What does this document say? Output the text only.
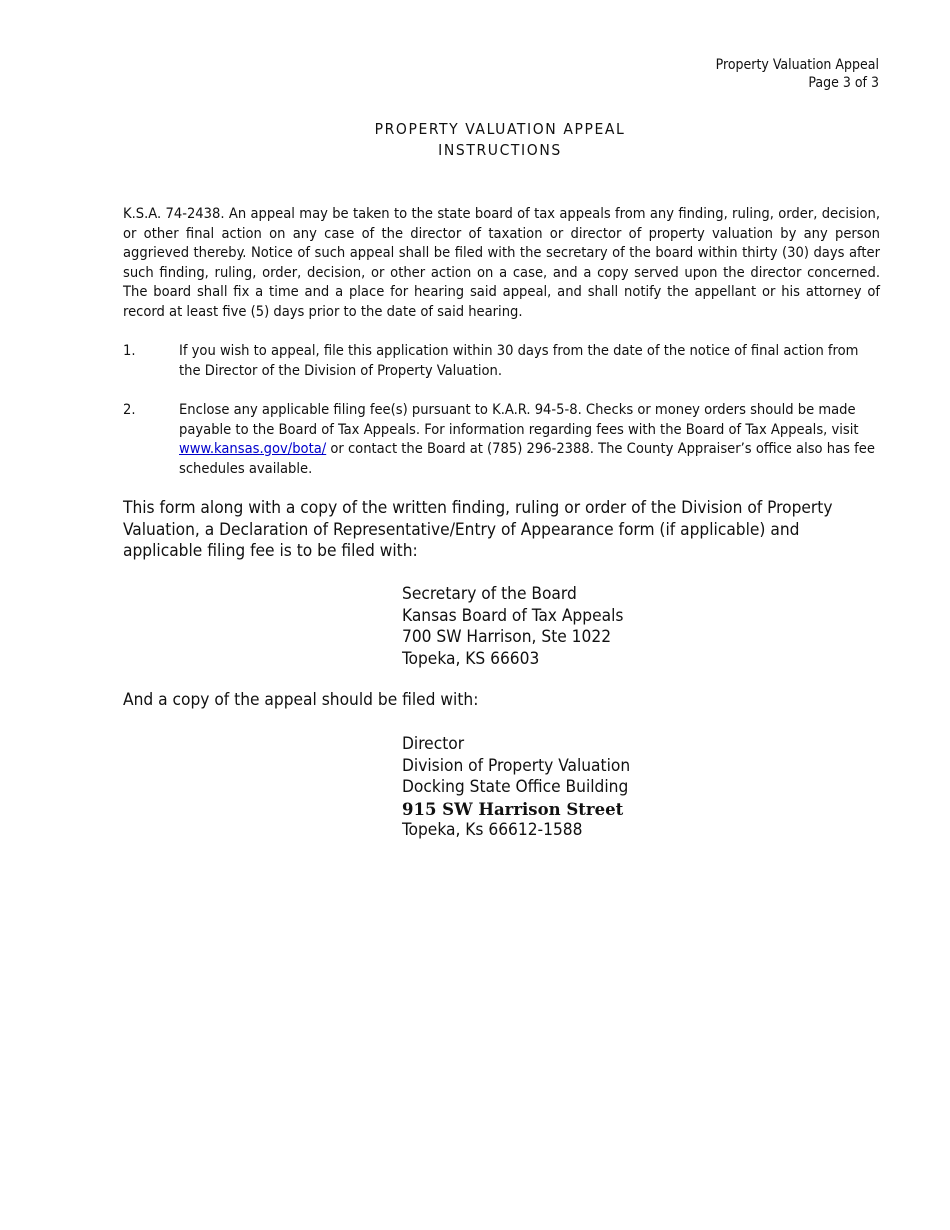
Property Valuation Appeal
Page 3 of 3
PROPERTY VALUATION APPEAL
INSTRUCTIONS
K.S.A. 74-2438. An appeal may be taken to the state board of tax appeals from any finding, ruling, order, decision, or other final action on any case of the director of taxation or director of property valuation by any person aggrieved thereby. Notice of such appeal shall be filed with the secretary of the board within thirty (30) days after such finding, ruling, order, decision, or other action on a case, and a copy served upon the director concerned. The board shall fix a time and a place for hearing said appeal, and shall notify the appellant or his attorney of record at least five (5) days prior to the date of said hearing.
1.	If you wish to appeal, file this application within 30 days from the date of the notice of final action from the Director of the Division of Property Valuation.
2.	Enclose any applicable filing fee(s) pursuant to K.A.R. 94-5-8. Checks or money orders should be made payable to the Board of Tax Appeals. For information regarding fees with the Board of Tax Appeals, visit www.kansas.gov/bota/ or contact the Board at (785) 296-2388. The County Appraiser’s office also has fee schedules available.
This form along with a copy of the written finding, ruling or order of the Division of Property Valuation, a Declaration of Representative/Entry of Appearance form (if applicable) and applicable filing fee is to be filed with:
Secretary of the Board
Kansas Board of Tax Appeals
700 SW Harrison, Ste 1022
Topeka, KS 66603
And a copy of the appeal should be filed with:
Director
Division of Property Valuation
Docking State Office Building
915 SW Harrison Street
Topeka, Ks 66612-1588
